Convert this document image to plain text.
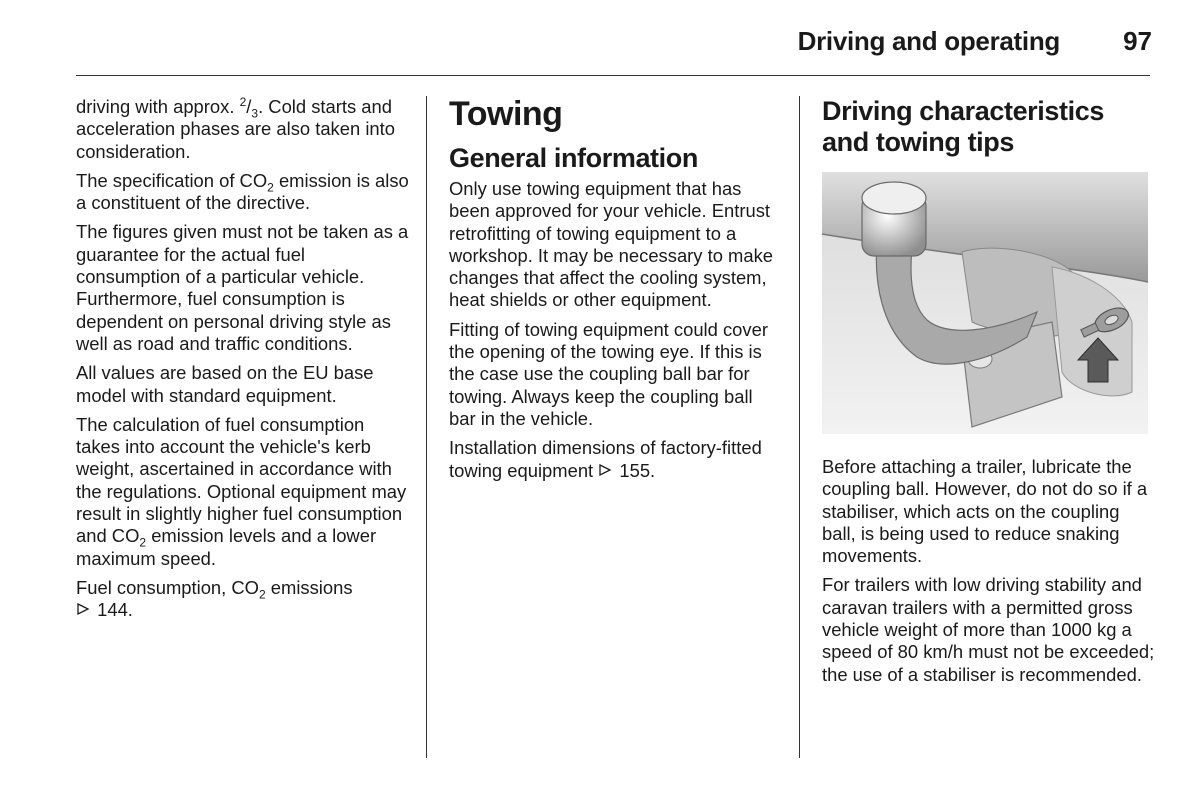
Driving and operating	97

driving with approx. $^2/_3$. Cold starts and acceleration phases are also taken into consideration.

The specification of $CO_2$ emission is also a constituent of the directive.

The figures given must not be taken as a guarantee for the actual fuel consumption of a particular vehicle. Furthermore, fuel consumption is dependent on personal driving style as well as road and traffic conditions.

All values are based on the EU base model with standard equipment.

The calculation of fuel consumption takes into account the vehicle's kerb weight, ascertained in accordance with the regulations. Optional equipment may result in slightly higher fuel consumption and $CO_2$ emission levels and a lower maximum speed.

Fuel consumption, $CO_2$ emissions
144.

Towing
General information

Only use towing equipment that has been approved for your vehicle. Entrust retrofitting of towing equipment to a workshop. It may be necessary to make changes that affect the cooling system, heat shields or other equipment.

Fitting of towing equipment could cover the opening of the towing eye. If this is the case use the coupling ball bar for towing. Always keep the coupling ball bar in the vehicle.

Installation dimensions of factory-fitted towing equipment  155.

Driving characteristics and towing tips

Before attaching a trailer, lubricate the coupling ball. However, do not do so if a stabiliser, which acts on the coupling ball, is being used to reduce snaking movements.

For trailers with low driving stability and caravan trailers with a permitted gross vehicle weight of more than 1000 kg a speed of 80 km/h must not be exceeded; the use of a stabiliser is recommended.
